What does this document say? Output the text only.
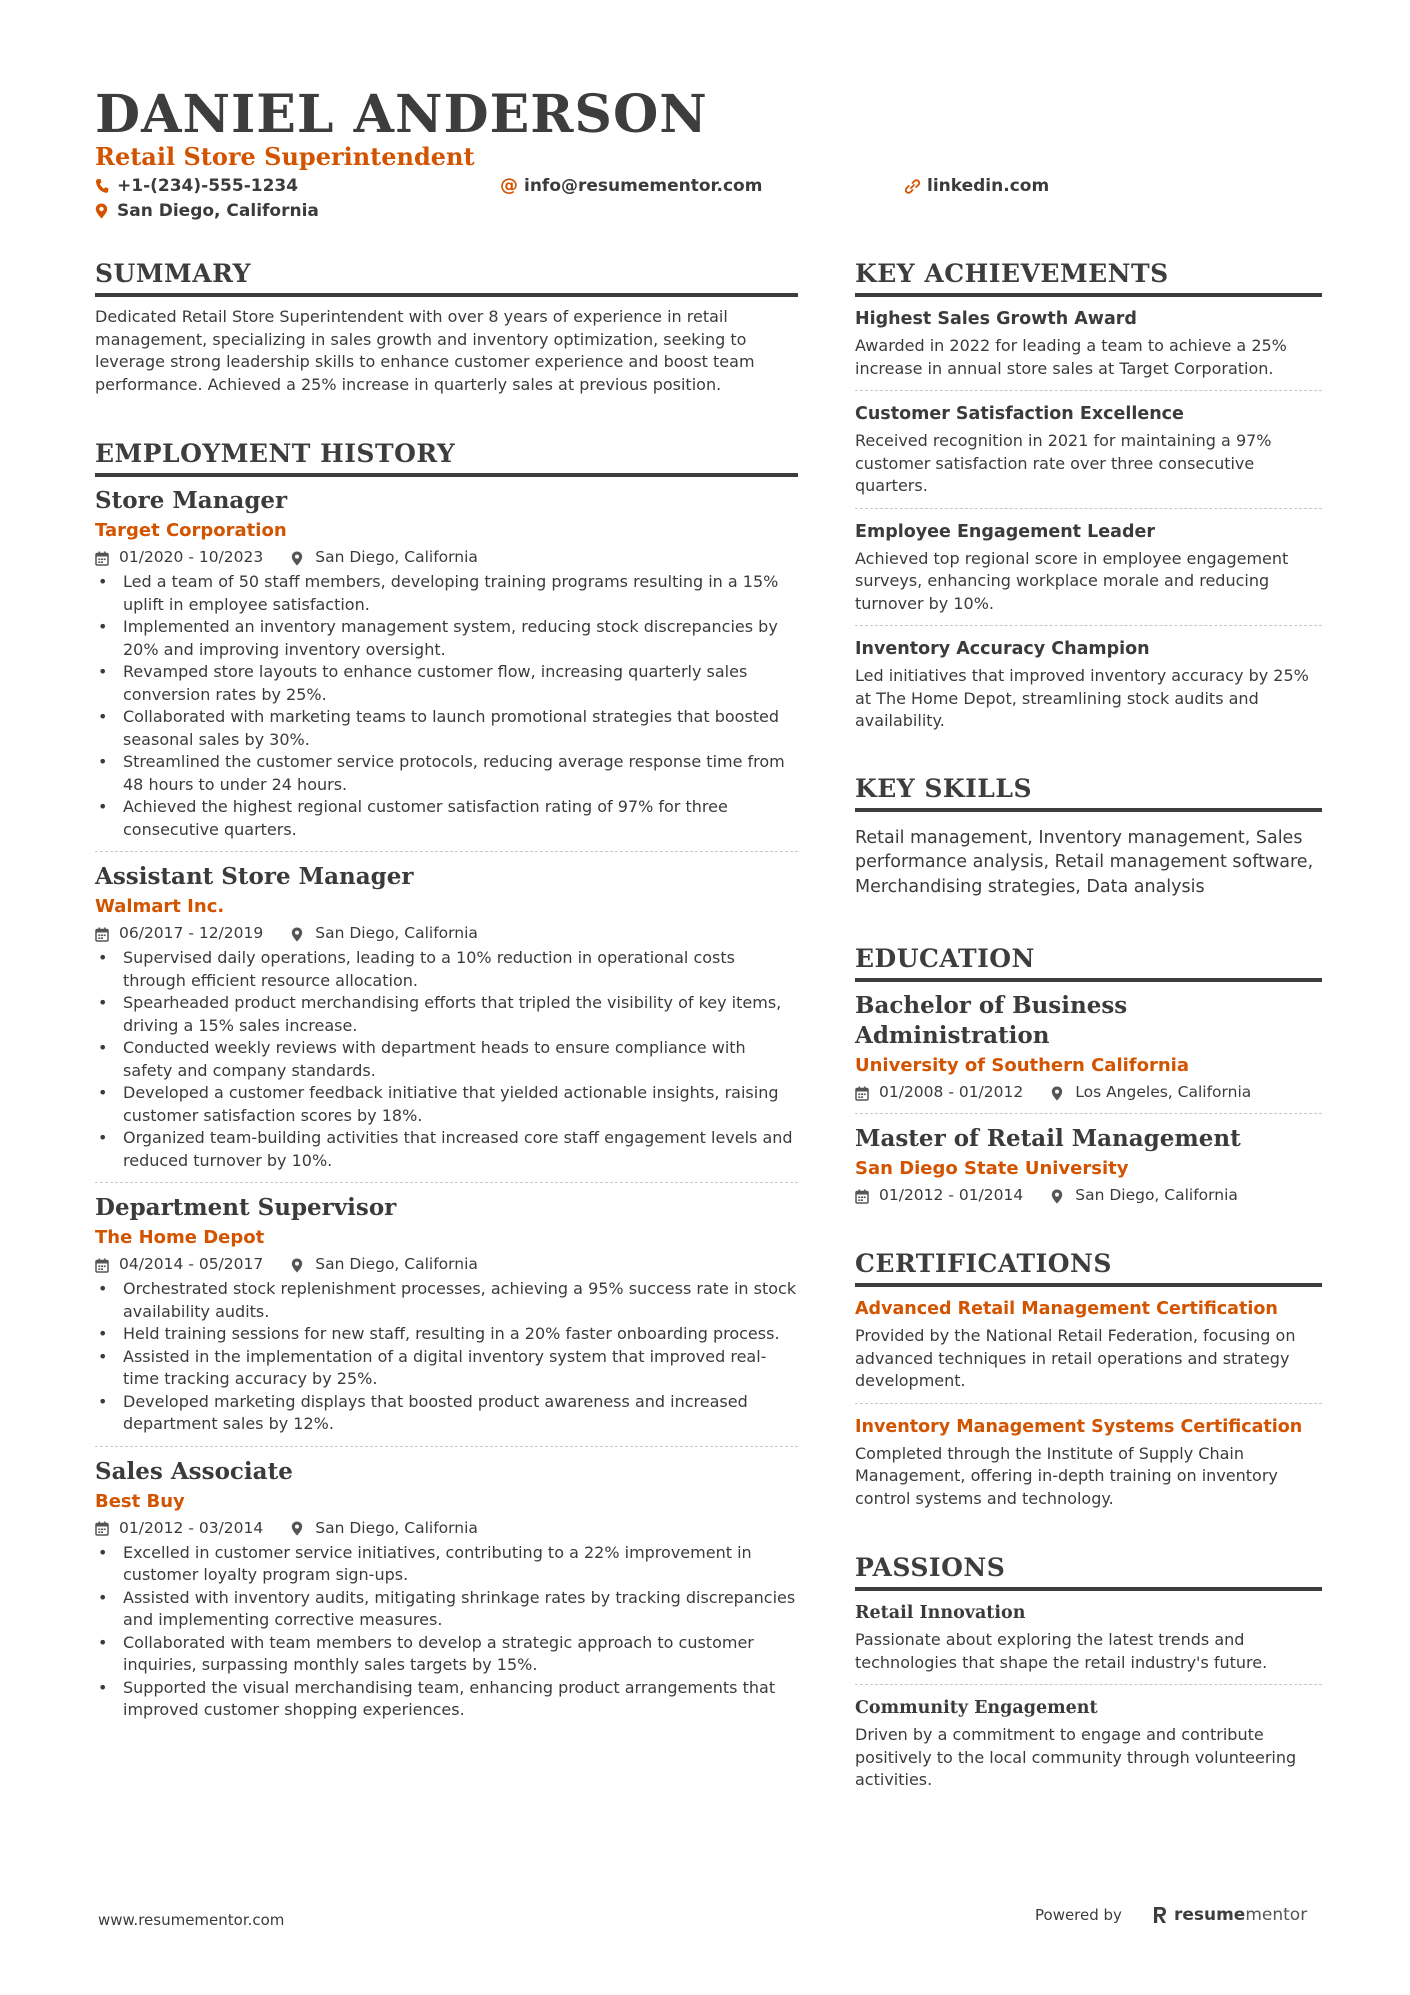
DANIEL ANDERSON
Retail Store Superintendent
+1-(234)-555-1234	@ info@resumementor.com	linkedin.com
San Diego, California
SUMMARY

Dedicated Retail Store Superintendent with over 8 years of experience in retail management, specializing in sales growth and inventory optimization, seeking to leverage strong leadership skills to enhance customer experience and boost team performance. Achieved a 25% increase in quarterly sales at previous position.

EMPLOYMENT HISTORY
Store Manager
Target Corporation
01/2020 - 10/2023	San Diego, California
• Led a team of 50 staff members, developing training programs resulting in a 15% uplift in employee satisfaction.
• Implemented an inventory management system, reducing stock discrepancies by 20% and improving inventory oversight.
• Revamped store layouts to enhance customer flow, increasing quarterly sales conversion rates by 25%.
• Collaborated with marketing teams to launch promotional strategies that boosted seasonal sales by 30%.
• Streamlined the customer service protocols, reducing average response time from 48 hours to under 24 hours.
• Achieved the highest regional customer satisfaction rating of 97% for three consecutive quarters.
Assistant Store Manager
Walmart Inc.
06/2017 - 12/2019	San Diego, California
• Supervised daily operations, leading to a 10% reduction in operational costs through efficient resource allocation.
• Spearheaded product merchandising efforts that tripled the visibility of key items, driving a 15% sales increase.
• Conducted weekly reviews with department heads to ensure compliance with safety and company standards.
• Developed a customer feedback initiative that yielded actionable insights, raising customer satisfaction scores by 18%.
• Organized team-building activities that increased core staff engagement levels and reduced turnover by 10%.
Department Supervisor
The Home Depot
04/2014 - 05/2017	San Diego, California
• Orchestrated stock replenishment processes, achieving a 95% success rate in stock availability audits.
• Held training sessions for new staff, resulting in a 20% faster onboarding process.
• Assisted in the implementation of a digital inventory system that improved real-time tracking accuracy by 25%.
• Developed marketing displays that boosted product awareness and increased department sales by 12%.
Sales Associate
Best Buy
01/2012 - 03/2014	San Diego, California
• Excelled in customer service initiatives, contributing to a 22% improvement in customer loyalty program sign-ups.
• Assisted with inventory audits, mitigating shrinkage rates by tracking discrepancies and implementing corrective measures.
• Collaborated with team members to develop a strategic approach to customer inquiries, surpassing monthly sales targets by 15%.
• Supported the visual merchandising team, enhancing product arrangements that improved customer shopping experiences.
KEY ACHIEVEMENTS
Highest Sales Growth Award

Awarded in 2022 for leading a team to achieve a 25% increase in annual store sales at Target Corporation.

Customer Satisfaction Excellence

Received recognition in 2021 for maintaining a 97% customer satisfaction rate over three consecutive quarters.

Employee Engagement Leader

Achieved top regional score in employee engagement surveys, enhancing workplace morale and reducing turnover by 10%.

Inventory Accuracy Champion

Led initiatives that improved inventory accuracy by 25% at The Home Depot, streamlining stock audits and availability.

KEY SKILLS

Retail management, Inventory management, Sales performance analysis, Retail management software, Merchandising strategies, Data analysis

EDUCATION
Bachelor of Business Administration
University of Southern California
01/2008 - 01/2012	Los Angeles, California
Master of Retail Management
San Diego State University
01/2012 - 01/2014	San Diego, California
CERTIFICATIONS
Advanced Retail Management Certification

Provided by the National Retail Federation, focusing on advanced techniques in retail operations and strategy development.

Inventory Management Systems Certification

Completed through the Institute of Supply Chain Management, offering in-depth training on inventory control systems and technology.

PASSIONS
Retail Innovation

Passionate about exploring the latest trends and technologies that shape the retail industry's future.

Community Engagement

Driven by a commitment to engage and contribute positively to the local community through volunteering activities.

www.resumementor.com	Powered by	resume mentor
